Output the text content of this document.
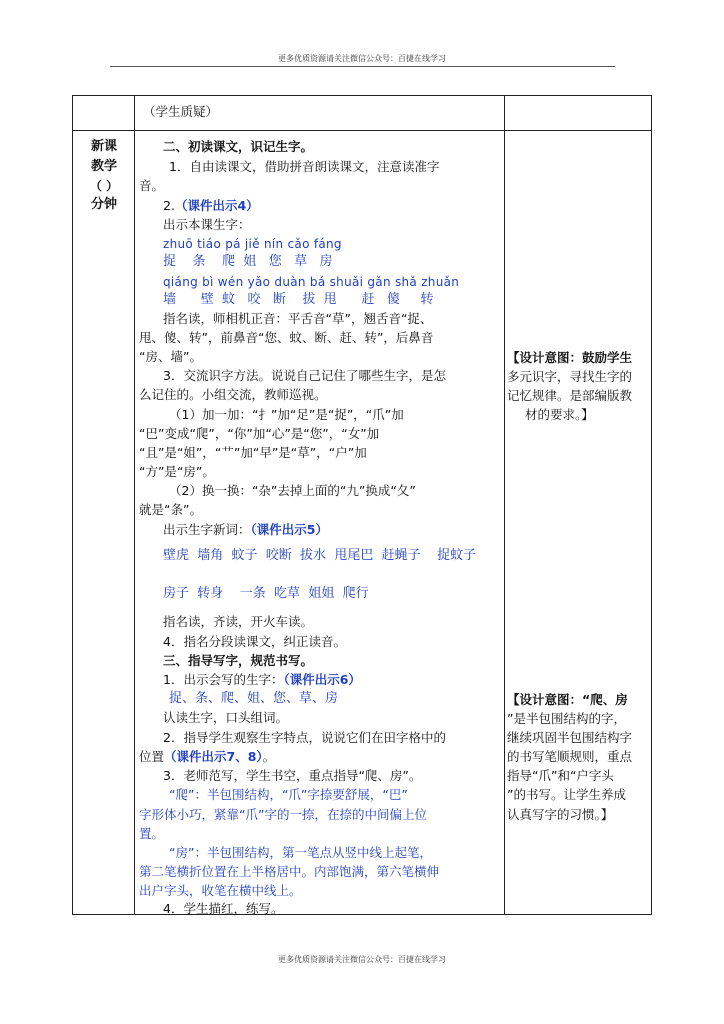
更多优质资源请关注微信公众号：百捷在线学习
（学生质疑）
新课
教学
（ ）
分钟
二、初读课文，识记生字。
1．自由读课文，借助拼音朗读课文，注意读准字
音。
2.（课件出示4）
出示本课生字：
zhuō tiáo pá jiě nín cǎo fáng
捉    条    爬  姐   您   草   房
qiáng bì wén yǎo duàn bá shuǎi gǎn shǎ zhuǎn
墙      壁  蚊   咬   断    拔  甩      赶   傻     转
指名读，师相机正音：平舌音“草”，翘舌音“捉、
甩、傻、转”，前鼻音“您、蚊、断、赶、转”，后鼻音
“房、墙”。
3．交流识字方法。说说自己记住了哪些生字，是怎
么记住的。小组交流，教师巡视。
（1）加一加：“扌”加“足”是“捉”，“爪”加
“巴”变成“爬”，“你”加“心”是“您”，“女”加
“且”是“姐”，“艹”加“早”是“草”，“户”加
“方”是“房”。
（2）换一换：“杂”去掉上面的“九”换成“夂”
就是“条”。
出示生字新词：（课件出示5）
壁虎  墙角  蚊子  咬断  拔水  甩尾巴  赶蝇子    捉蚊子
房子  转身    一条  吃草  姐姐  爬行
指名读，齐读，开火车读。
4．指名分段读课文，纠正读音。
三、指导写字，规范书写。
1．出示会写的生字：（课件出示6）
捉、条、爬、姐、您、草、房
认读生字，口头组词。
2．指导学生观察生字特点，说说它们在田字格中的
位置（课件出示7、8）。
3．老师范写，学生书空，重点指导“爬、房”。
“爬”：半包围结构，“爪”字捺要舒展，“巴”
字形体小巧，紧靠“爪”字的一捺，在捺的中间偏上位
置。
“房”：半包围结构，第一笔点从竖中线上起笔，
第二笔横折位置在上半格居中。内部饱满，第六笔横伸
出户字头，收笔在横中线上。
4．学生描红，练写。
【设计意图：鼓励学生
多元识字，寻找生字的
记忆规律。是部编版教
材的要求。】
【设计意图：“爬、房
”是半包围结构的字，
继续巩固半包围结构字
的书写笔顺规则，重点
指导“爪”和“户字头
”的书写。让学生养成
认真写字的习惯。】
更多优质资源请关注微信公众号：百捷在线学习
